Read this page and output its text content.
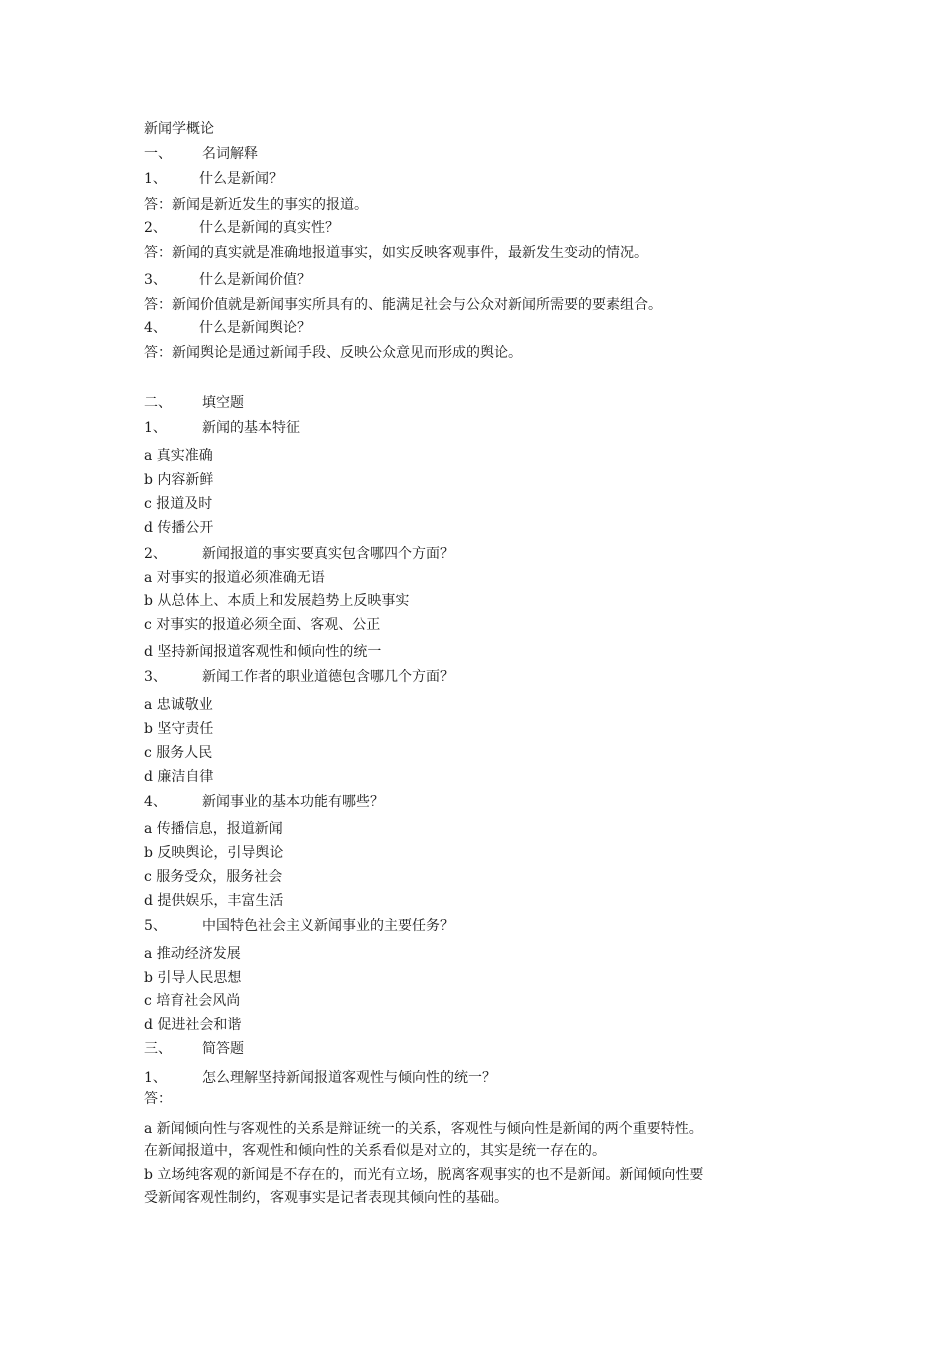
新闻学概论
一、 名词解释
1、 什么是新闻？
答：新闻是新近发生的事实的报道。
2、 什么是新闻的真实性？
答：新闻的真实就是准确地报道事实，如实反映客观事件，最新发生变动的情况。
3、 什么是新闻价值？
答：新闻价值就是新闻事实所具有的、能满足社会与公众对新闻所需要的要素组合。
4、 什么是新闻舆论？
答：新闻舆论是通过新闻手段、反映公众意见而形成的舆论。
二、 填空题
1、	新闻的基本特征
a 真实准确
b 内容新鲜
c 报道及时
d 传播公开
2、	新闻报道的事实要真实包含哪四个方面？
a 对事实的报道必须准确无语
b 从总体上、本质上和发展趋势上反映事实
c 对事实的报道必须全面、客观、公正
d 坚持新闻报道客观性和倾向性的统一
3、	新闻工作者的职业道德包含哪几个方面？
a 忠诚敬业
b 坚守责任
c 服务人民
d 廉洁自律
4、	新闻事业的基本功能有哪些？
a 传播信息，报道新闻
b 反映舆论，引导舆论
c 服务受众，服务社会
d 提供娱乐，丰富生活
5、	中国特色社会主义新闻事业的主要任务？
a 推动经济发展
b 引导人民思想
c 培育社会风尚
d 促进社会和谐
三、 简答题
1、	怎么理解坚持新闻报道客观性与倾向性的统一？
答：
a 新闻倾向性与客观性的关系是辩证统一的关系，客观性与倾向性是新闻的两个重要特性。
在新闻报道中，客观性和倾向性的关系看似是对立的，其实是统一存在的。
b 立场纯客观的新闻是不存在的，而光有立场，脱离客观事实的也不是新闻。新闻倾向性要
受新闻客观性制约，客观事实是记者表现其倾向性的基础。
